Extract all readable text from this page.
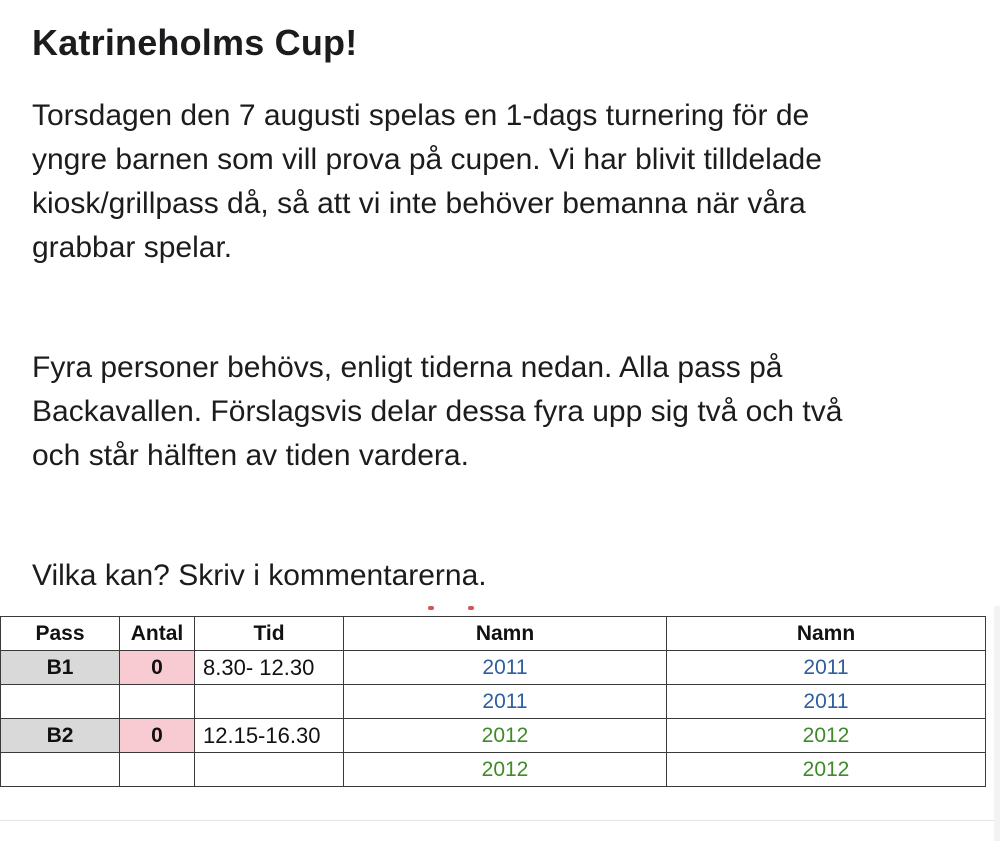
Katrineholms Cup!

Torsdagen den 7 augusti spelas en 1-dags turnering för de
yngre barnen som vill prova på cupen. Vi har blivit tilldelade
kiosk/grillpass då, så att vi inte behöver bemanna när våra
grabbar spelar.

Fyra personer behövs, enligt tiderna nedan. Alla pass på
Backavallen. Förslagsvis delar dessa fyra upp sig två och två
och står hälften av tiden vardera.

Vilka kan? Skriv i kommentarerna.

Pass	Antal	Tid	Namn	Namn
B1	0	8.30- 12.30	2011	2011
			2011	2011
B2	0	12.15-16.30	2012	2012
			2012	2012
